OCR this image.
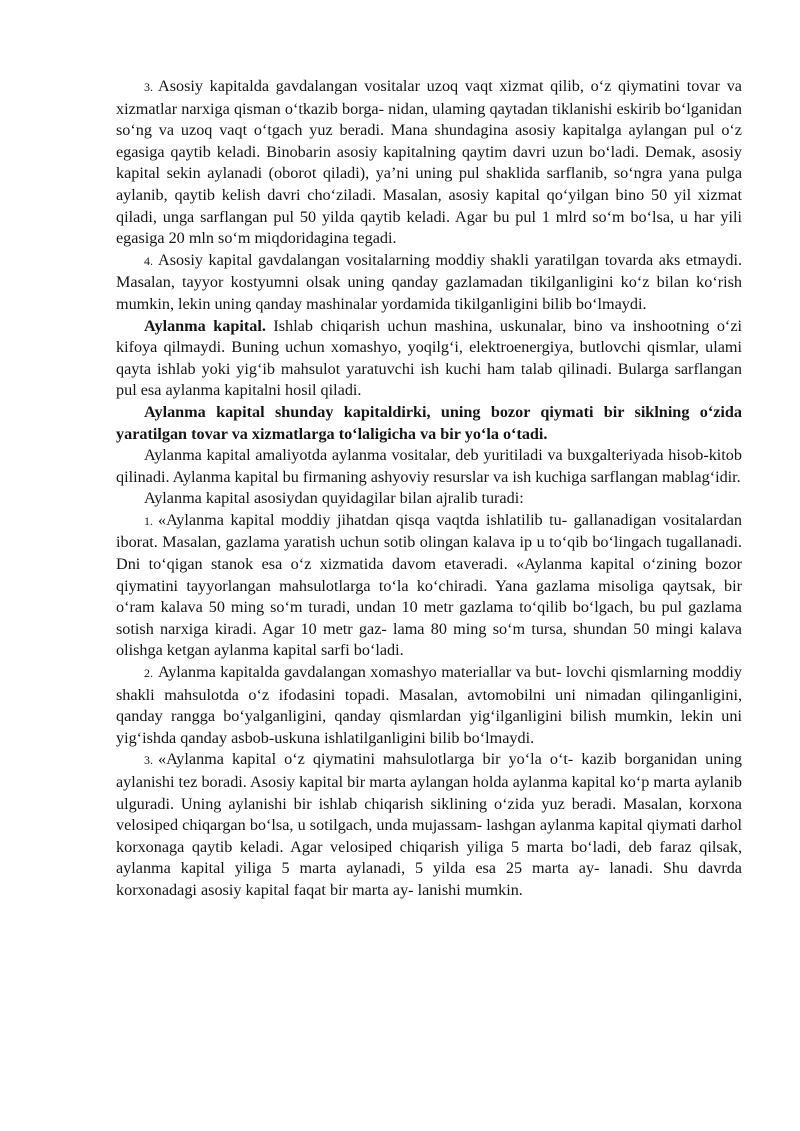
3. Asosiy kapitalda gavdalangan vositalar uzoq vaqt xizmat qilib, o‘z qiymatini tovar va xizmatlar narxiga qisman o‘tkazib borga- nidan, ulaming qaytadan tiklanishi eskirib bo‘lganidan so‘ng va uzoq vaqt o‘tgach yuz beradi. Mana shundagina asosiy kapitalga aylangan pul o‘z egasiga qaytib keladi. Binobarin asosiy kapitalning qaytim davri uzun bo‘ladi. Demak, asosiy kapital sekin aylanadi (oborot qiladi), ya’ni uning pul shaklida sarflanib, so‘ngra yana pulga aylanib, qaytib kelish davri cho‘ziladi. Masalan, asosiy kapital qo‘yilgan bino 50 yil xizmat qiladi, unga sarflangan pul 50 yilda qaytib keladi. Agar bu pul 1 mlrd so‘m bo‘lsa, u har yili egasiga 20 mln so‘m miqdoridagina tegadi.

4. Asosiy kapital gavdalangan vositalarning moddiy shakli yaratilgan tovarda aks etmaydi. Masalan, tayyor kostyumni olsak uning qanday gazlamadan tikilganligini ko‘z bilan ko‘rish mumkin, lekin uning qanday mashinalar yordamida tikilganligini bilib bo‘lmaydi.

Aylanma kapital. Ishlab chiqarish uchun mashina, uskunalar, bino va inshootning o‘zi kifoya qilmaydi. Buning uchun xomashyo, yoqilg‘i, elektroenergiya, butlovchi qismlar, ulami qayta ishlab yoki yig‘ib mahsulot yaratuvchi ish kuchi ham talab qilinadi. Bularga sarflangan pul esa aylanma kapitalni hosil qiladi.

Aylanma kapital shunday kapitaldirki, uning bozor qiymati bir siklning o‘zida yaratilgan tovar va xizmatlarga to‘laligicha va bir yo‘la o‘tadi.

Aylanma kapital amaliyotda aylanma vositalar, deb yuritiladi va buxgalteriyada hisob-kitob qilinadi. Aylanma kapital bu firmaning ashyoviy resurslar va ish kuchiga sarflangan mablag‘idir.

Aylanma kapital asosiydan quyidagilar bilan ajralib turadi:

1. «Aylanma kapital moddiy jihatdan qisqa vaqtda ishlatilib tu- gallanadigan vositalardan iborat. Masalan, gazlama yaratish uchun sotib olingan kalava ip u to‘qib bo‘lingach tugallanadi. Dni to‘qigan stanok esa o‘z xizmatida davom etaveradi. «Aylanma kapital o‘zining bozor qiymatini tayyorlangan mahsulotlarga to‘la ko‘chiradi. Yana gazlama misoliga qaytsak, bir o‘ram kalava 50 ming so‘m turadi, undan 10 metr gazlama to‘qilib bo‘lgach, bu pul gazlama sotish narxiga kiradi. Agar 10 metr gaz- lama 80 ming so‘m tursa, shundan 50 mingi kalava olishga ketgan aylanma kapital sarfi bo‘ladi.

2. Aylanma kapitalda gavdalangan xomashyo materiallar va but- lovchi qismlarning moddiy shakli mahsulotda o‘z ifodasini topadi. Masalan, avtomobilni uni nimadan qilinganligini, qanday rangga bo‘yalganligini, qanday qismlardan yig‘ilganligini bilish mumkin, lekin uni yig‘ishda qanday asbob-uskuna ishlatilganligini bilib bo‘lmaydi.

3. «Aylanma kapital o‘z qiymatini mahsulotlarga bir yo‘la o‘t- kazib borganidan uning aylanishi tez boradi. Asosiy kapital bir marta aylangan holda aylanma kapital ko‘p marta aylanib ulguradi. Uning aylanishi bir ishlab chiqarish siklining o‘zida yuz beradi. Masalan, korxona velosiped chiqargan bo‘lsa, u sotilgach, unda mujassam- lashgan aylanma kapital qiymati darhol korxonaga qaytib keladi. Agar velosiped chiqarish yiliga 5 marta bo‘ladi, deb faraz qilsak, aylanma kapital yiliga 5 marta aylanadi, 5 yilda esa 25 marta ay- lanadi. Shu davrda korxonadagi asosiy kapital faqat bir marta ay- lanishi mumkin.
